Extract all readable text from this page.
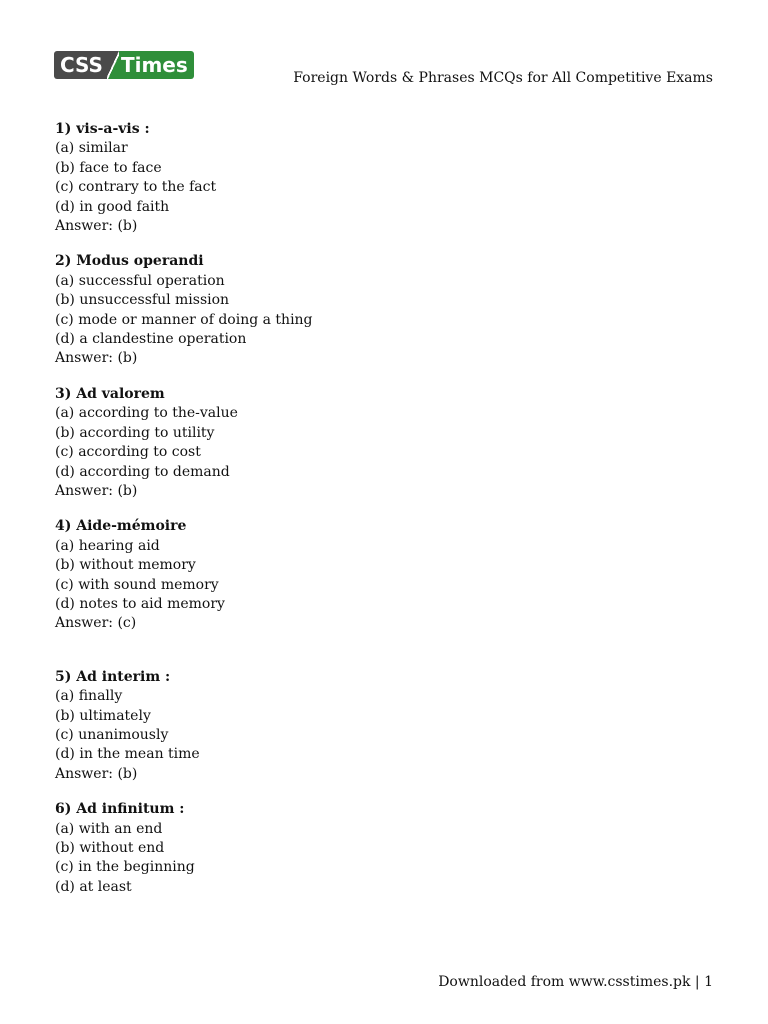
CSS Times
Foreign Words & Phrases MCQs for All Competitive Exams
1) vis-a-vis :
(a) similar
(b) face to face
(c) contrary to the fact
(d) in good faith
Answer: (b)
2) Modus operandi
(a) successful operation
(b) unsuccessful mission
(c) mode or manner of doing a thing
(d) a clandestine operation
Answer: (b)
3) Ad valorem
(a) according to the-value
(b) according to utility
(c) according to cost
(d) according to demand
Answer: (b)
4) Aide-mémoire
(a) hearing aid
(b) without memory
(c) with sound memory
(d) notes to aid memory
Answer: (c)
5) Ad interim :
(a) finally
(b) ultimately
(c) unanimously
(d) in the mean time
Answer: (b)
6) Ad infinitum :
(a) with an end
(b) without end
(c) in the beginning
(d) at least
Downloaded from www.csstimes.pk | 1
